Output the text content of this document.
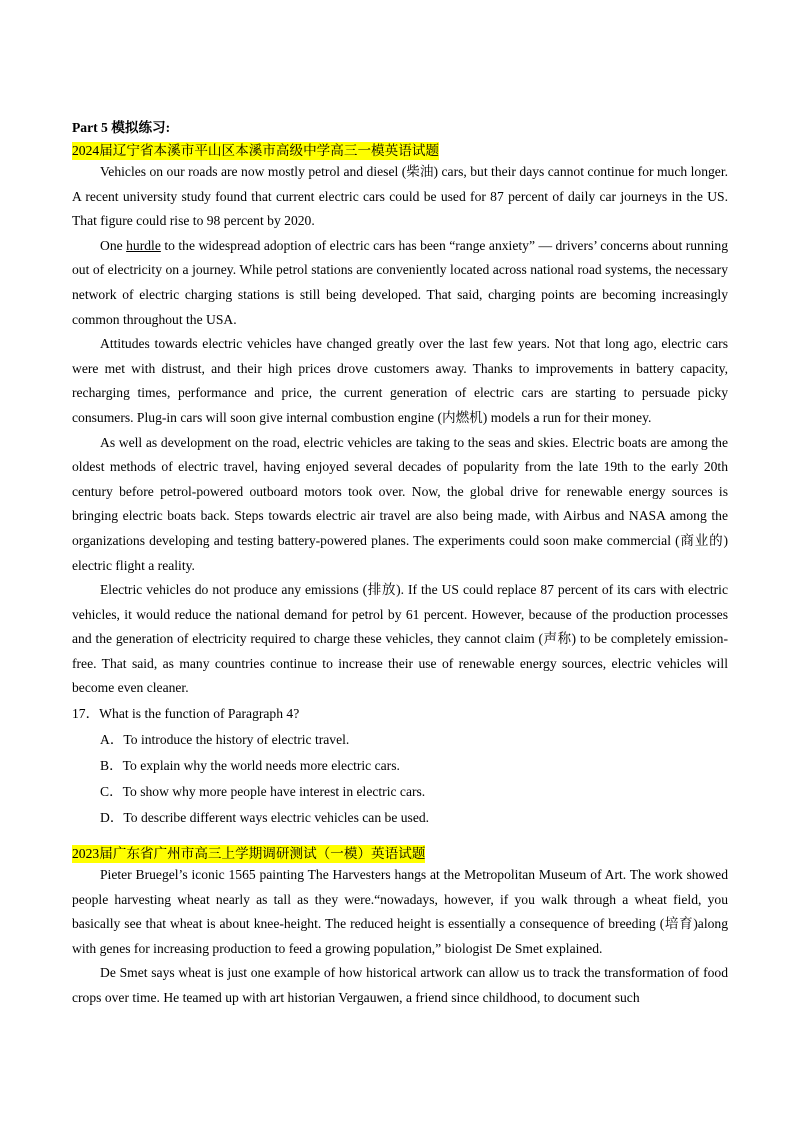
Part 5 模拟练习:
2024届辽宁省本溪市平山区本溪市高级中学高三一模英语试题

Vehicles on our roads are now mostly petrol and diesel (柴油) cars, but their days cannot continue for much longer. A recent university study found that current electric cars could be used for 87 percent of daily car journeys in the US. That figure could rise to 98 percent by 2020.

One hurdle to the widespread adoption of electric cars has been “range anxiety” — drivers’ concerns about running out of electricity on a journey. While petrol stations are conveniently located across national road systems, the necessary network of electric charging stations is still being developed. That said, charging points are becoming increasingly common throughout the USA.

Attitudes towards electric vehicles have changed greatly over the last few years. Not that long ago, electric cars were met with distrust, and their high prices drove customers away. Thanks to improvements in battery capacity, recharging times, performance and price, the current generation of electric cars are starting to persuade picky consumers. Plug-in cars will soon give internal combustion engine (内燃机) models a run for their money.

As well as development on the road, electric vehicles are taking to the seas and skies. Electric boats are among the oldest methods of electric travel, having enjoyed several decades of popularity from the late 19th to the early 20th century before petrol-powered outboard motors took over. Now, the global drive for renewable energy sources is bringing electric boats back. Steps towards electric air travel are also being made, with Airbus and NASA among the organizations developing and testing battery-powered planes. The experiments could soon make commercial (商业的) electric flight a reality.

Electric vehicles do not produce any emissions (排放). If the US could replace 87 percent of its cars with electric vehicles, it would reduce the national demand for petrol by 61 percent. However, because of the production processes and the generation of electricity required to charge these vehicles, they cannot claim (声称) to be completely emission-free. That said, as many countries continue to increase their use of renewable energy sources, electric vehicles will become even cleaner.

17．What is the function of Paragraph 4?
A．To introduce the history of electric travel.
B．To explain why the world needs more electric cars.
C．To show why more people have interest in electric cars.
D．To describe different ways electric vehicles can be used.
2023届广东省广州市高三上学期调研测试（一模）英语试题

Pieter Bruegel’s iconic 1565 painting The Harvesters hangs at the Metropolitan Museum of Art. The work showed people harvesting wheat nearly as tall as they were.“nowadays, however, if you walk through a wheat field, you basically see that wheat is about knee-height. The reduced height is essentially a consequence of breeding (培育)along with genes for increasing production to feed a growing population,” biologist De Smet explained.

De Smet says wheat is just one example of how historical artwork can allow us to track the transformation of food crops over time. He teamed up with art historian Vergauwen, a friend since childhood, to document such
